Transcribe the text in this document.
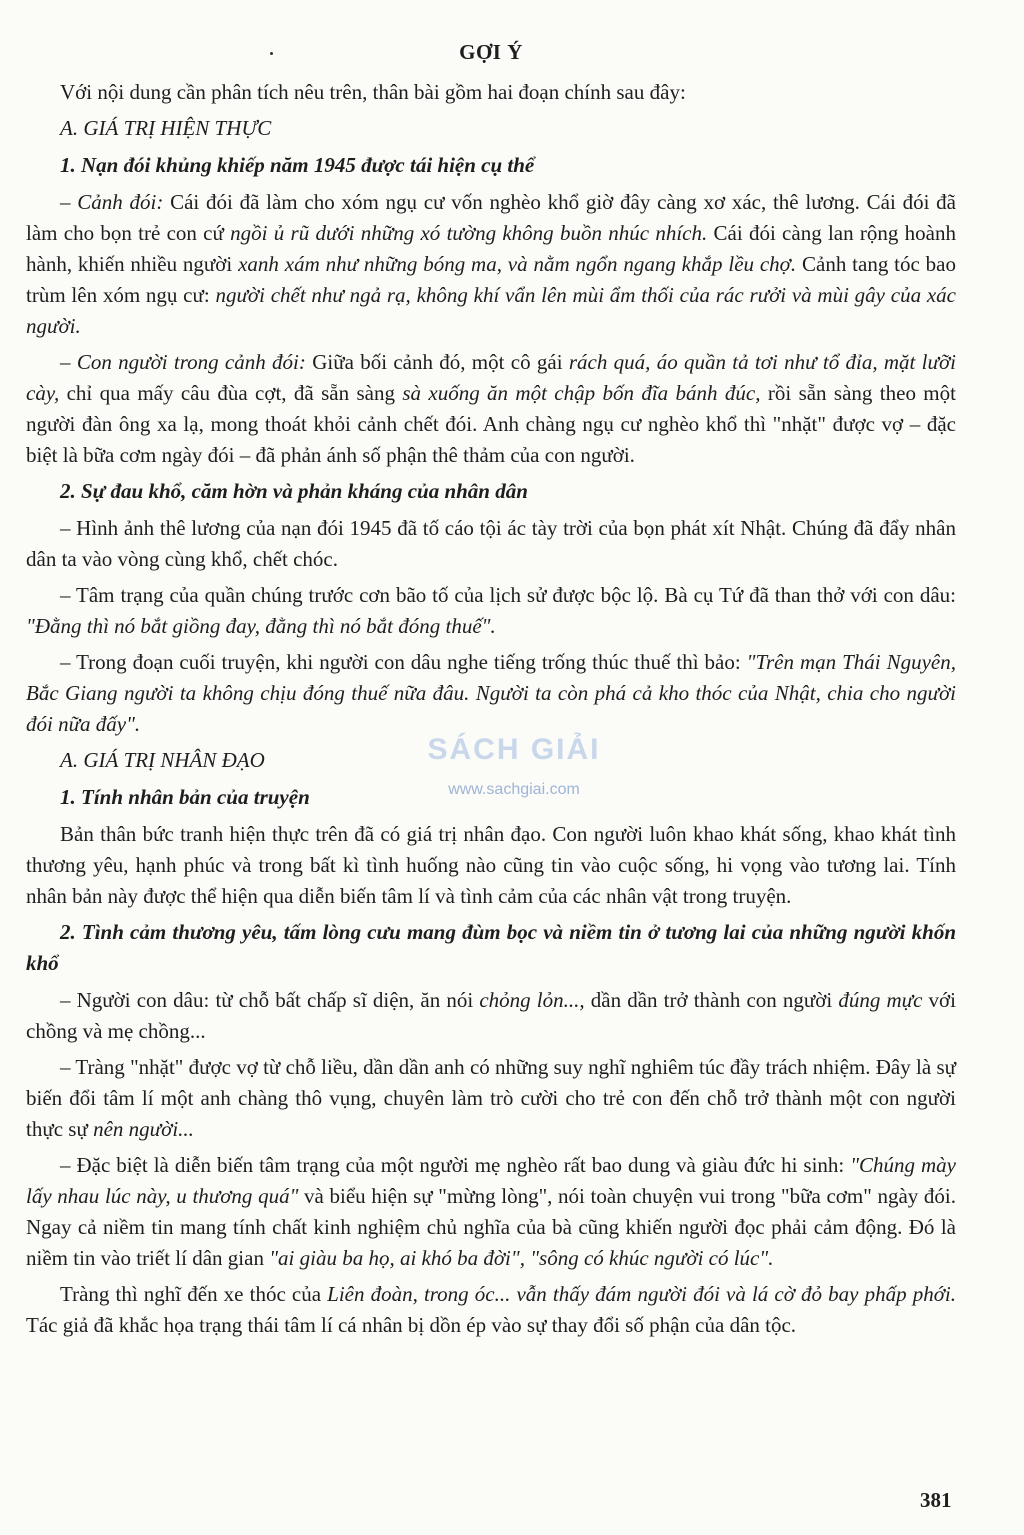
GỢI Ý

Với nội dung cần phân tích nêu trên, thân bài gồm hai đoạn chính sau đây:

A. GIÁ TRỊ HIỆN THỰC
1. Nạn đói khủng khiếp năm 1945 được tái hiện cụ thể

– Cảnh đói: Cái đói đã làm cho xóm ngụ cư vốn nghèo khổ giờ đây càng xơ xác, thê lương. Cái đói đã làm cho bọn trẻ con cứ ngồi ủ rũ dưới những xó tường không buồn nhúc nhích. Cái đói càng lan rộng hoành hành, khiến nhiều người xanh xám như những bóng ma, và nằm ngổn ngang khắp lều chợ. Cảnh tang tóc bao trùm lên xóm ngụ cư: người chết như ngả rạ, không khí vẩn lên mùi ẩm thối của rác rưởi và mùi gây của xác người.

– Con người trong cảnh đói: Giữa bối cảnh đó, một cô gái rách quá, áo quần tả tơi như tổ đỉa, mặt lưỡi cày, chỉ qua mấy câu đùa cợt, đã sẵn sàng sà xuống ăn một chập bốn đĩa bánh đúc, rồi sẵn sàng theo một người đàn ông xa lạ, mong thoát khỏi cảnh chết đói. Anh chàng ngụ cư nghèo khổ thì "nhặt" được vợ – đặc biệt là bữa cơm ngày đói – đã phản ánh số phận thê thảm của con người.

2. Sự đau khổ, căm hờn và phản kháng của nhân dân

– Hình ảnh thê lương của nạn đói 1945 đã tố cáo tội ác tày trời của bọn phát xít Nhật. Chúng đã đẩy nhân dân ta vào vòng cùng khổ, chết chóc.

– Tâm trạng của quần chúng trước cơn bão tố của lịch sử được bộc lộ. Bà cụ Tứ đã than thở với con dâu: "Đằng thì nó bắt giồng đay, đằng thì nó bắt đóng thuế".

– Trong đoạn cuối truyện, khi người con dâu nghe tiếng trống thúc thuế thì bảo: "Trên mạn Thái Nguyên, Bắc Giang người ta không chịu đóng thuế nữa đâu. Người ta còn phá cả kho thóc của Nhật, chia cho người đói nữa đấy".

A. GIÁ TRỊ NHÂN ĐẠO
1. Tính nhân bản của truyện

Bản thân bức tranh hiện thực trên đã có giá trị nhân đạo. Con người luôn khao khát sống, khao khát tình thương yêu, hạnh phúc và trong bất kì tình huống nào cũng tin vào cuộc sống, hi vọng vào tương lai. Tính nhân bản này được thể hiện qua diễn biến tâm lí và tình cảm của các nhân vật trong truyện.

2. Tình cảm thương yêu, tấm lòng cưu mang đùm bọc và niềm tin ở tương lai của những người khốn khổ

– Người con dâu: từ chỗ bất chấp sĩ diện, ăn nói chỏng lỏn..., dần dần trở thành con người đúng mực với chồng và mẹ chồng...

– Tràng "nhặt" được vợ từ chỗ liều, dần dần anh có những suy nghĩ nghiêm túc đầy trách nhiệm. Đây là sự biến đổi tâm lí một anh chàng thô vụng, chuyên làm trò cười cho trẻ con đến chỗ trở thành một con người thực sự nên người...

– Đặc biệt là diễn biến tâm trạng của một người mẹ nghèo rất bao dung và giàu đức hi sinh: "Chúng mày lấy nhau lúc này, u thương quá" và biểu hiện sự "mừng lòng", nói toàn chuyện vui trong "bữa cơm" ngày đói. Ngay cả niềm tin mang tính chất kinh nghiệm chủ nghĩa của bà cũng khiến người đọc phải cảm động. Đó là niềm tin vào triết lí dân gian "ai giàu ba họ, ai khó ba đời", "sông có khúc người có lúc".

Tràng thì nghĩ đến xe thóc của Liên đoàn, trong óc... vẫn thấy đám người đói và lá cờ đỏ bay phấp phới. Tác giả đã khắc họa trạng thái tâm lí cá nhân bị dồn ép vào sự thay đổi số phận của dân tộc.

SÁCH GIẢI
www.sachgiai.com
381
